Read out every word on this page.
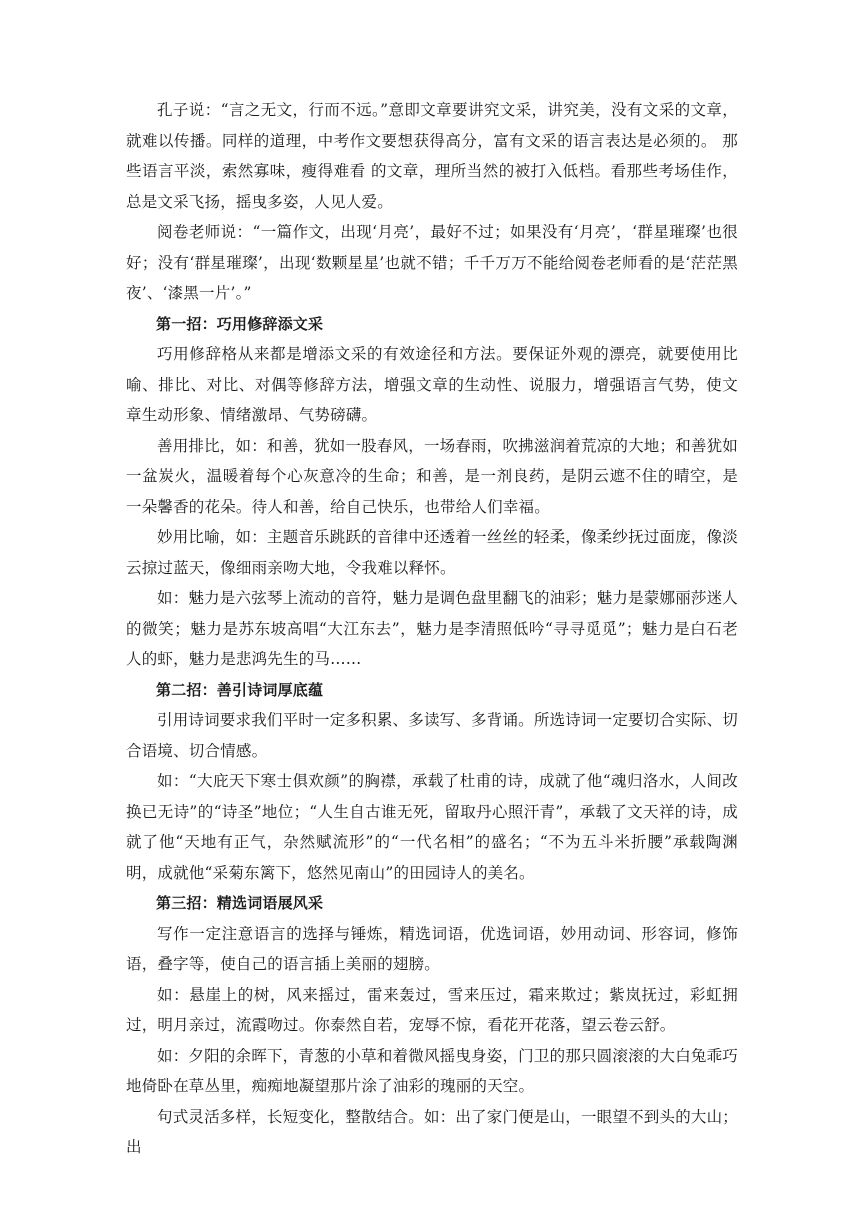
孔子说：“言之无文，行而不远。”意即文章要讲究文采，讲究美，没有文采的文章，就难以传播。同样的道理，中考作文要想获得高分，富有文采的语言表达是必须的。 那些语言平淡，索然寡味，瘦得难看 的文章，理所当然的被打入低档。看那些考场佳作，总是文采飞扬，摇曳多姿，人见人爱。

阅卷老师说：“一篇作文，出现‘月亮’，最好不过；如果没有‘月亮’，‘群星璀璨’也很好；没有‘群星璀璨’，出现‘数颗星星’也就不错；千千万万不能给阅卷老师看的是‘茫茫黑夜’、‘漆黑一片’。”

第一招：巧用修辞添文采

巧用修辞格从来都是增添文采的有效途径和方法。要保证外观的漂亮，就要使用比喻、排比、对比、对偶等修辞方法，增强文章的生动性、说服力，增强语言气势，使文章生动形象、情绪激昂、气势磅礴。

善用排比，如：和善，犹如一股春风，一场春雨，吹拂滋润着荒凉的大地；和善犹如一盆炭火，温暖着每个心灰意冷的生命；和善，是一剂良药，是阴云遮不住的晴空，是一朵馨香的花朵。待人和善，给自己快乐，也带给人们幸福。

妙用比喻，如：主题音乐跳跃的音律中还透着一丝丝的轻柔，像柔纱抚过面庞，像淡云掠过蓝天，像细雨亲吻大地，令我难以释怀。

如：魅力是六弦琴上流动的音符，魅力是调色盘里翻飞的油彩；魅力是蒙娜丽莎迷人的微笑；魅力是苏东坡高唱“大江东去”，魅力是李清照低吟“寻寻觅觅”；魅力是白石老人的虾，魅力是悲鸿先生的马……

第二招：善引诗词厚底蕴

引用诗词要求我们平时一定多积累、多读写、多背诵。所选诗词一定要切合实际、切合语境、切合情感。

如：“大庇天下寒士俱欢颜”的胸襟，承载了杜甫的诗，成就了他“魂归洛水，人间改换已无诗”的“诗圣”地位；“人生自古谁无死，留取丹心照汗青”，承载了文天祥的诗，成就了他“天地有正气，杂然赋流形”的“一代名相”的盛名；“不为五斗米折腰”承载陶渊明，成就他“采菊东篱下，悠然见南山”的田园诗人的美名。

第三招：精选词语展风采

写作一定注意语言的选择与锤炼，精选词语，优选词语，妙用动词、形容词，修饰语，叠字等，使自己的语言插上美丽的翅膀。

如：悬崖上的树，风来摇过，雷来轰过，雪来压过，霜来欺过；紫岚抚过，彩虹拥过，明月亲过，流霞吻过。你泰然自若，宠辱不惊，看花开花落，望云卷云舒。

如：夕阳的余晖下，青葱的小草和着微风摇曳身姿，门卫的那只圆滚滚的大白兔乖巧地倚卧在草丛里，痴痴地凝望那片涂了油彩的瑰丽的天空。

句式灵活多样，长短变化，整散结合。如：出了家门便是山，一眼望不到头的大山；出
